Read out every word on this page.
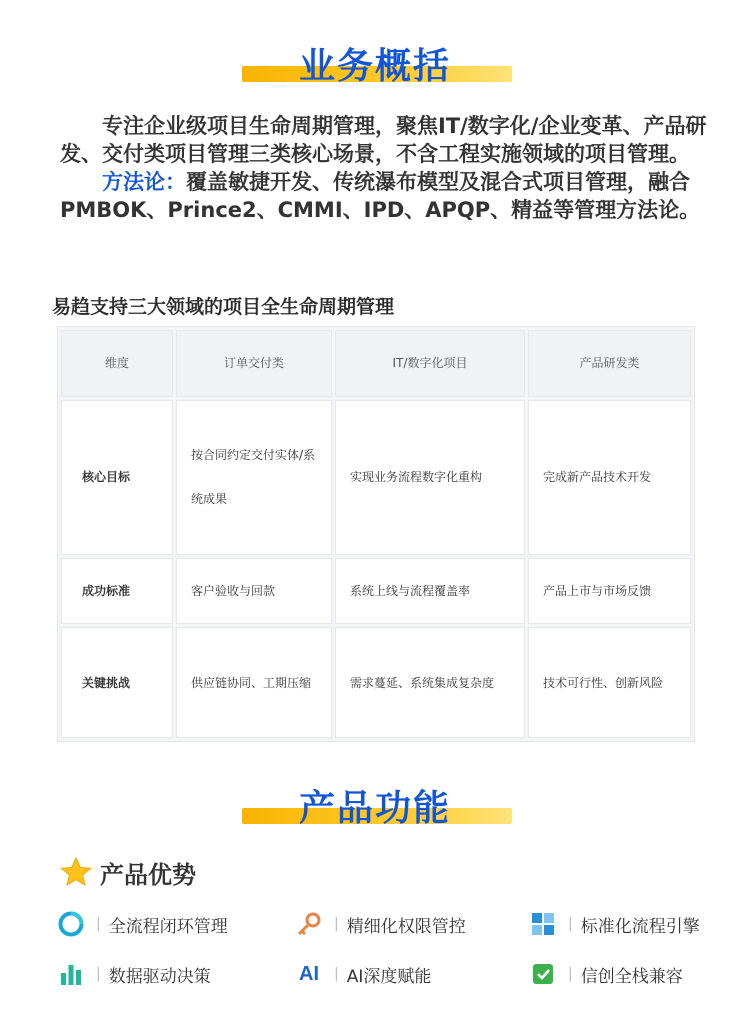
业务概括

专注企业级项目生命周期管理，聚焦IT/数字化/企业变革、产品研发、交付类项目管理三类核心场景，不含工程实施领域的项目管理。

方法论：覆盖敏捷开发、传统瀑布模型及混合式项目管理，融合PMBOK、Prince2、CMMI、IPD、APQP、精益等管理方法论。

易趋支持三大领域的项目全生命周期管理
维度	订单交付类	IT/数字化项目	产品研发类
核心目标	按合同约定交付实体/系统成果	实现业务流程数字化重构	完成新产品技术开发
成功标准	客户验收与回款	系统上线与流程覆盖率	产品上市与市场反馈
关键挑战	供应链协同、工期压缩	需求蔓延、系统集成复杂度	技术可行性、创新风险
产品功能
产品优势
| 全流程闭环管理	| 精细化权限管控	| 标准化流程引擎
| 数据驱动决策	AI	| AI深度赋能	| 信创全栈兼容
